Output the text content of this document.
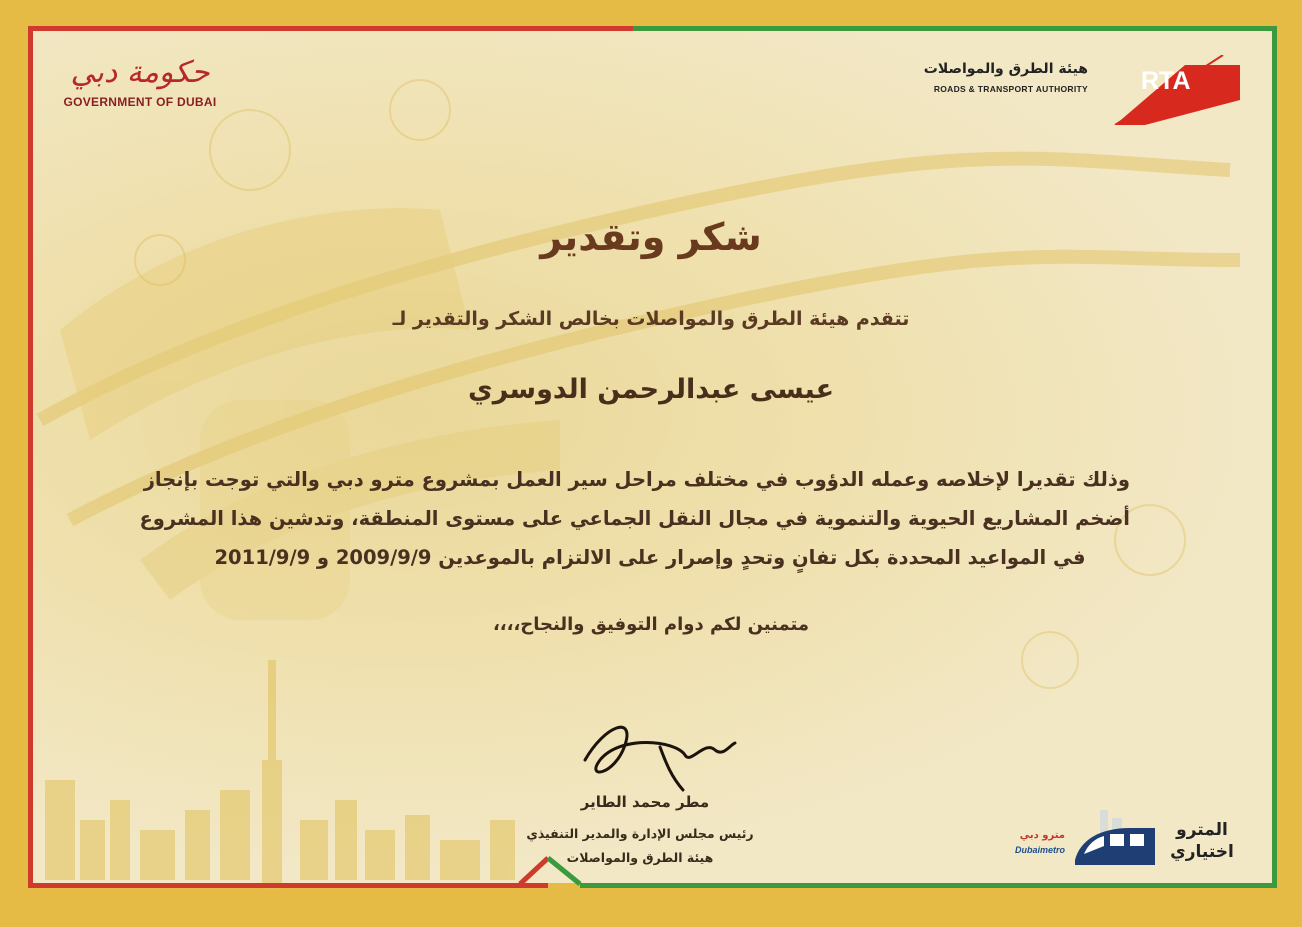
حكومة دبي
GOVERNMENT OF DUBAI
هيئة الطرق والمواصلات
ROADS & TRANSPORT AUTHORITY RTA
شكر وتقدير
تتقدم هيئة الطرق والمواصلات بخالص الشكر والتقدير لـ
عيسى عبدالرحمن الدوسري
وذلك تقديرا لإخلاصه وعمله الدؤوب في مختلف مراحل سير العمل بمشروع مترو دبي والتي توجت بإنجاز
أضخم المشاريع الحيوية والتنموية في مجال النقل الجماعي على مستوى المنطقة، وتدشين هذا المشروع
في المواعيد المحددة بكل تفانٍ وتحدٍ وإصرار على الالتزام بالموعدين 2009/9/9 و 2011/9/9
متمنين لكم دوام التوفيق والنجاح،،،،
مطر محمد الطاير
رئيس مجلس الإدارة والمدير التنفيذي
هيئة الطرق والمواصلات
مترو دبي
Dubaimetro
المترو
اختياري
